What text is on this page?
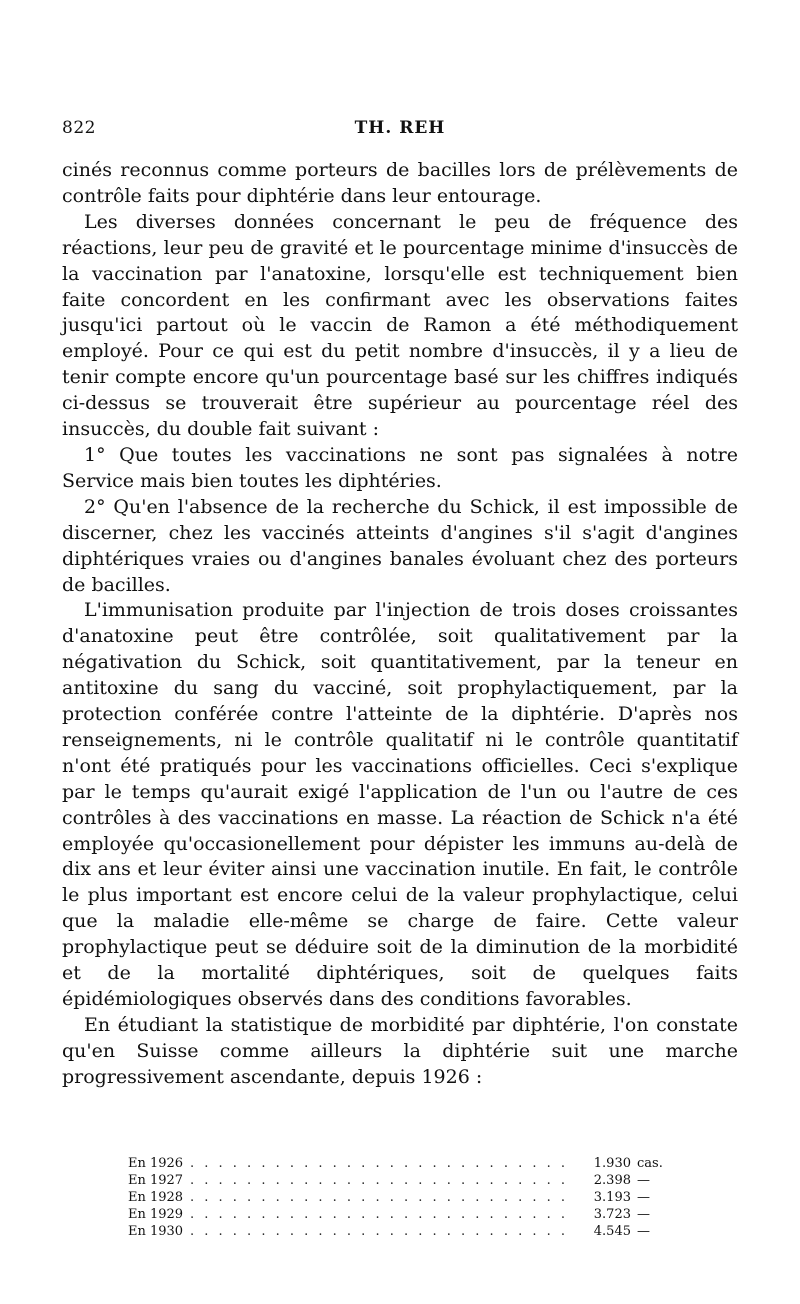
822	TH. REH

cinés reconnus comme porteurs de bacilles lors de prélèvements de contrôle faits pour diphtérie dans leur entourage.

Les diverses données concernant le peu de fréquence des réactions, leur peu de gravité et le pourcentage minime d'insuccès de la vaccination par l'anatoxine, lorsqu'elle est techniquement bien faite concordent en les confirmant avec les observations faites jusqu'ici partout où le vaccin de Ramon a été méthodiquement employé. Pour ce qui est du petit nombre d'insuccès, il y a lieu de tenir compte encore qu'un pourcentage basé sur les chiffres indiqués ci-dessus se trouverait être supérieur au pourcentage réel des insuccès, du double fait suivant :

1° Que toutes les vaccinations ne sont pas signalées à notre Service mais bien toutes les diphtéries.

2° Qu'en l'absence de la recherche du Schick, il est impossible de discerner, chez les vaccinés atteints d'angines s'il s'agit d'angines diphtériques vraies ou d'angines banales évoluant chez des porteurs de bacilles.

L'immunisation produite par l'injection de trois doses croissantes d'anatoxine peut être contrôlée, soit qualitativement par la négativation du Schick, soit quantitativement, par la teneur en antitoxine du sang du vacciné, soit prophylactiquement, par la protection conférée contre l'atteinte de la diphtérie. D'après nos renseignements, ni le contrôle qualitatif ni le contrôle quantitatif n'ont été pratiqués pour les vaccinations officielles. Ceci s'explique par le temps qu'aurait exigé l'application de l'un ou l'autre de ces contrôles à des vaccinations en masse. La réaction de Schick n'a été employée qu'occasionellement pour dépister les immuns au-delà de dix ans et leur éviter ainsi une vaccination inutile. En fait, le contrôle le plus important est encore celui de la valeur prophylactique, celui que la maladie elle-même se charge de faire. Cette valeur prophylactique peut se déduire soit de la diminution de la morbidité et de la mortalité diphtériques, soit de quelques faits épidémiologiques observés dans des conditions favorables.

En étudiant la statistique de morbidité par diphtérie, l'on constate qu'en Suisse comme ailleurs la diphtérie suit une marche progressivement ascendante, depuis 1926 :

En 1926 . . .	1.930 cas.
En 1927 . . .	2.398 —
En 1928 . . .	3.193 —
En 1929 . . .	3.723 —
En 1930 . . .	4.545 —
